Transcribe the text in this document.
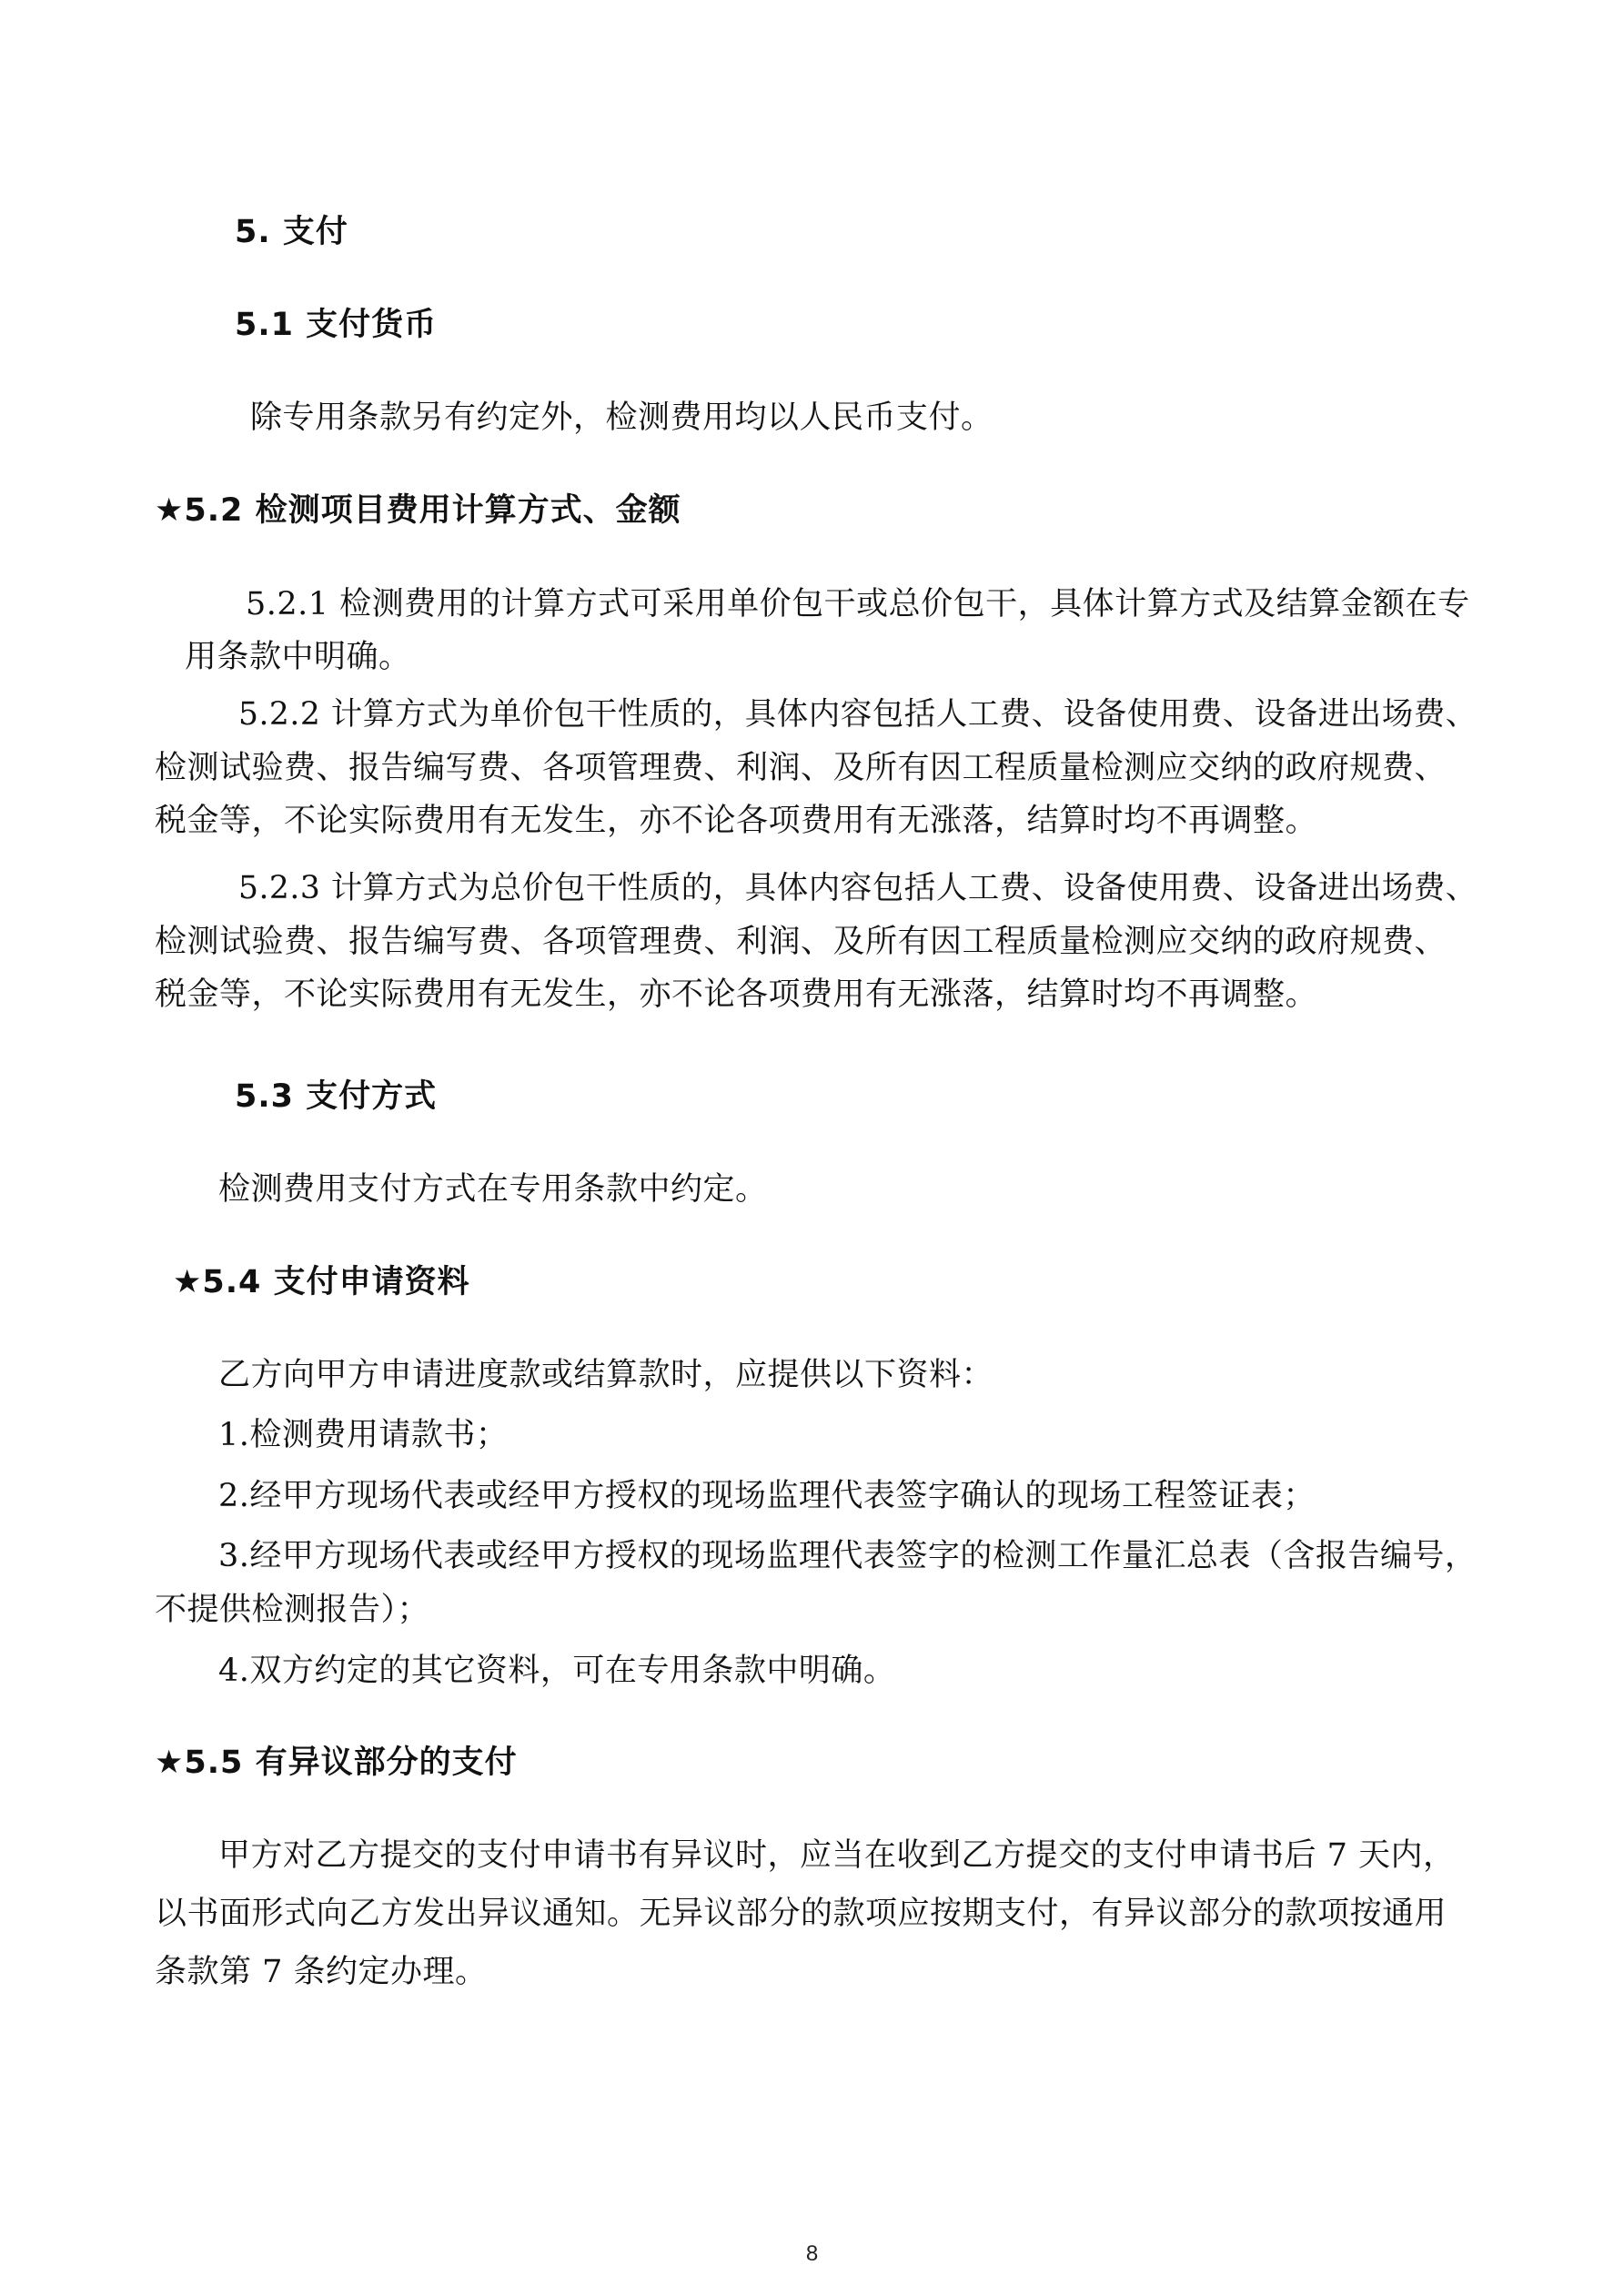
5. 支付

5.1 支付货币

除专用条款另有约定外，检测费用均以人民币支付。

★5.2 检测项目费用计算方式、金额

5.2.1 检测费用的计算方式可采用单价包干或总价包干，具体计算方式及结算金额在专

用条款中明确。

5.2.2 计算方式为单价包干性质的，具体内容包括人工费、设备使用费、设备进出场费、

检测试验费、报告编写费、各项管理费、利润、及所有因工程质量检测应交纳的政府规费、

税金等，不论实际费用有无发生，亦不论各项费用有无涨落，结算时均不再调整。

5.2.3 计算方式为总价包干性质的，具体内容包括人工费、设备使用费、设备进出场费、

检测试验费、报告编写费、各项管理费、利润、及所有因工程质量检测应交纳的政府规费、

税金等，不论实际费用有无发生，亦不论各项费用有无涨落，结算时均不再调整。

5.3 支付方式

检测费用支付方式在专用条款中约定。

★5.4 支付申请资料

乙方向甲方申请进度款或结算款时，应提供以下资料：

1.检测费用请款书；

2.经甲方现场代表或经甲方授权的现场监理代表签字确认的现场工程签证表；

3.经甲方现场代表或经甲方授权的现场监理代表签字的检测工作量汇总表（含报告编号，

不提供检测报告）；

4.双方约定的其它资料，可在专用条款中明确。

★5.5 有异议部分的支付

甲方对乙方提交的支付申请书有异议时，应当在收到乙方提交的支付申请书后 7 天内，

以书面形式向乙方发出异议通知。无异议部分的款项应按期支付，有异议部分的款项按通用

条款第 7 条约定办理。

8
